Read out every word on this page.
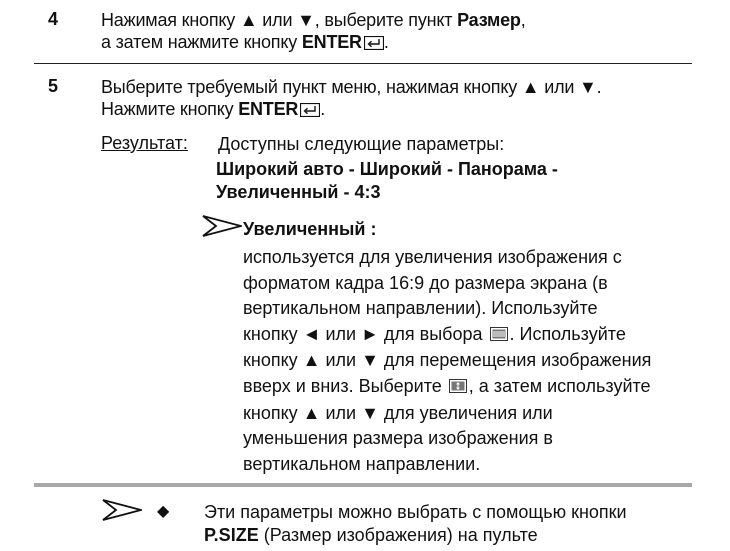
4 Нажимая кнопку ▲ или ▼, выберите пункт Размер,
а затем нажмите кнопку ENTER .
5 Выберите требуемый пункт меню, нажимая кнопку ▲ или ▼.
Нажмите кнопку ENTER .
Результат: Доступны следующие параметры:
Широкий авто - Широкий - Панорама -
Увеличенный - 4:3
Увеличенный :
используется для увеличения изображения с
форматом кадра 16:9 до размера экрана (в
вертикальном направлении). Используйте
кнопку ◄ или ► для выбора . Используйте
кнопку ▲ или ▼ для перемещения изображения
вверх и вниз. Выберите , а затем используйте
кнопку ▲ или ▼ для увеличения или
уменьшения размера изображения в
вертикальном направлении.
◆ Эти параметры можно выбрать с помощью кнопки
P.SIZE (Размер изображения) на пульте
